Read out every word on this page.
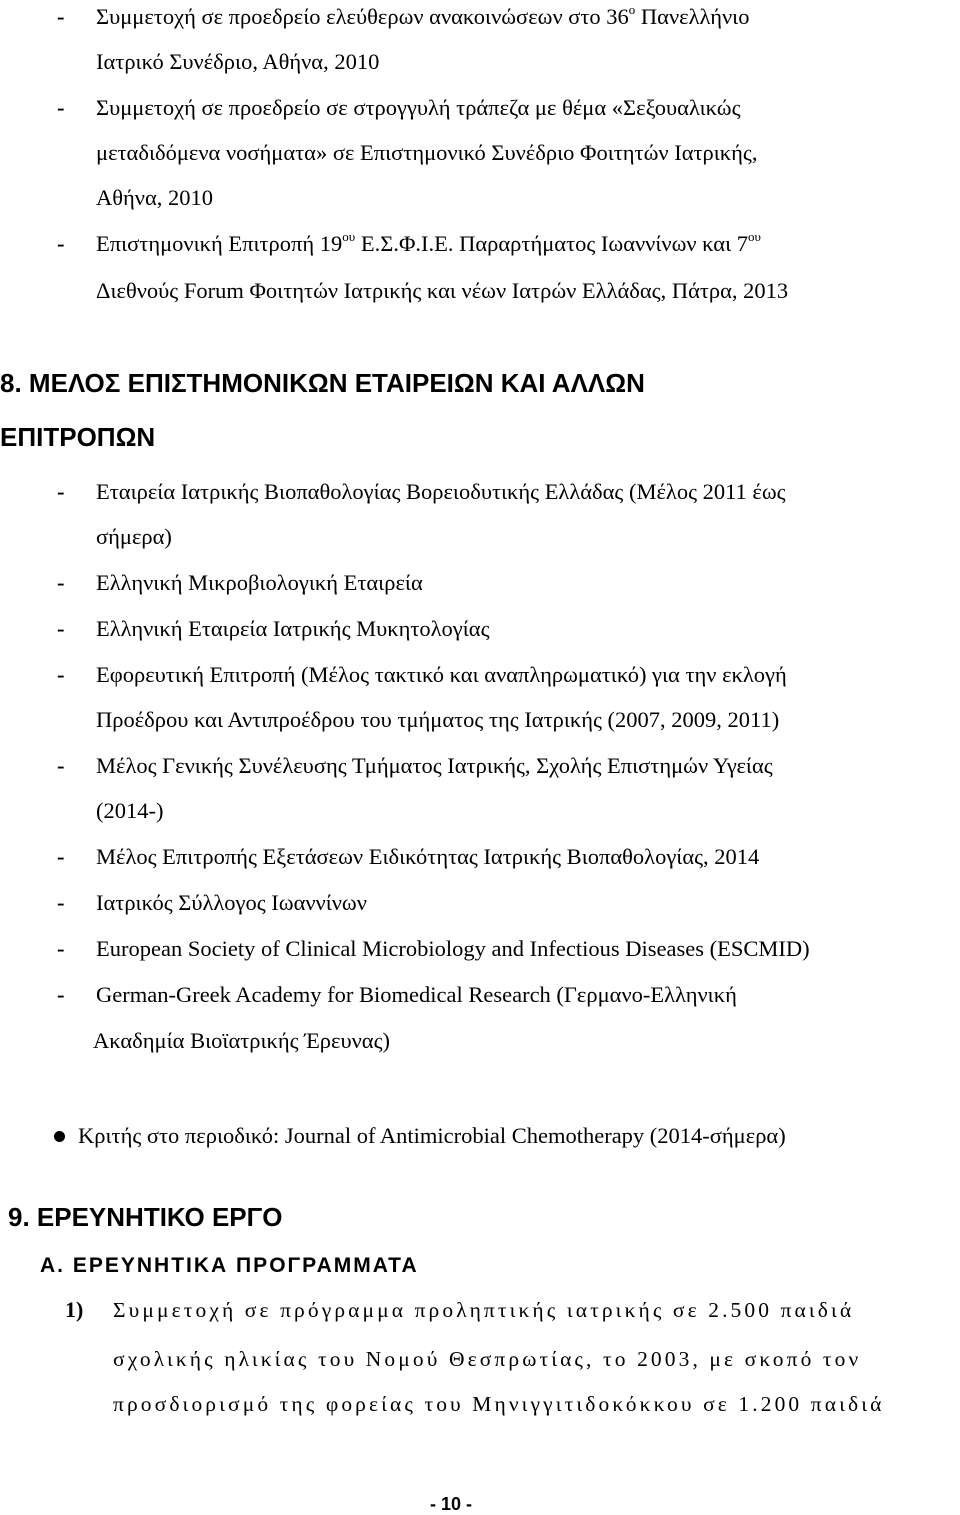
- Συμμετοχή σε προεδρείο ελεύθερων ανακοινώσεων στο $36^o$ Πανελλήνιο
Ιατρικό Συνέδριο, Αθήνα, 2010
- Συμμετοχή σε προεδρείο σε στρογγυλή τράπεζα με θέμα «Σεξουαλικώς
μεταδιδόμενα νοσήματα» σε Επιστημονικό Συνέδριο Φοιτητών Ιατρικής,
Αθήνα, 2010
- Επιστημονική Επιτροπή $19^{o\upsilon}$ Ε.Σ.Φ.Ι.Ε. Παραρτήματος Ιωαννίνων και $7^{o\upsilon}$
Διεθνούς Forum Φοιτητών Ιατρικής και νέων Ιατρών Ελλάδας, Πάτρα, 2013
8. ΜΕΛΟΣ ΕΠΙΣΤΗΜΟΝΙΚΩΝ ΕΤΑΙΡΕΙΩΝ ΚΑΙ ΑΛΛΩΝ
ΕΠΙΤΡΟΠΩΝ
- Εταιρεία Ιατρικής Βιοπαθολογίας Βορειοδυτικής Ελλάδας (Μέλος 2011 έως
σήμερα)
- Ελληνική Μικροβιολογική Εταιρεία
- Ελληνική Εταιρεία Ιατρικής Μυκητολογίας
- Εφορευτική Επιτροπή (Μέλος τακτικό και αναπληρωματικό) για την εκλογή
Προέδρου και Αντιπροέδρου του τμήματος της Ιατρικής (2007, 2009, 2011)
- Μέλος Γενικής Συνέλευσης Τμήματος Ιατρικής, Σχολής Επιστημών Υγείας
(2014-)
- Μέλος Επιτροπής Εξετάσεων Ειδικότητας Ιατρικής Βιοπαθολογίας, 2014
- Ιατρικός Σύλλογος Ιωαννίνων
- European Society of Clinical Microbiology and Infectious Diseases (ESCMID)
- German-Greek Academy for Biomedical Research (Γερμανο-Ελληνική
Ακαδημία Βιοϊατρικής Έρευνας)
Κριτής στο περιοδικό: Journal of Antimicrobial Chemotherapy (2014-σήμερα)
9. ΕΡΕΥΝΗΤΙΚΟ ΕΡΓΟ
Α. ΕΡΕΥΝΗΤΙΚΑ ΠΡΟΓΡΑΜΜΑΤΑ
1) Συμμετοχή σε πρόγραμμα προληπτικής ιατρικής σε 2.500 παιδιά
σχολικής ηλικίας του Νομού Θεσπρωτίας, το 2003, με σκοπό τον
προσδιορισμό της φορείας του Μηνιγγιτιδοκόκκου σε 1.200 παιδιά
- 10 -
